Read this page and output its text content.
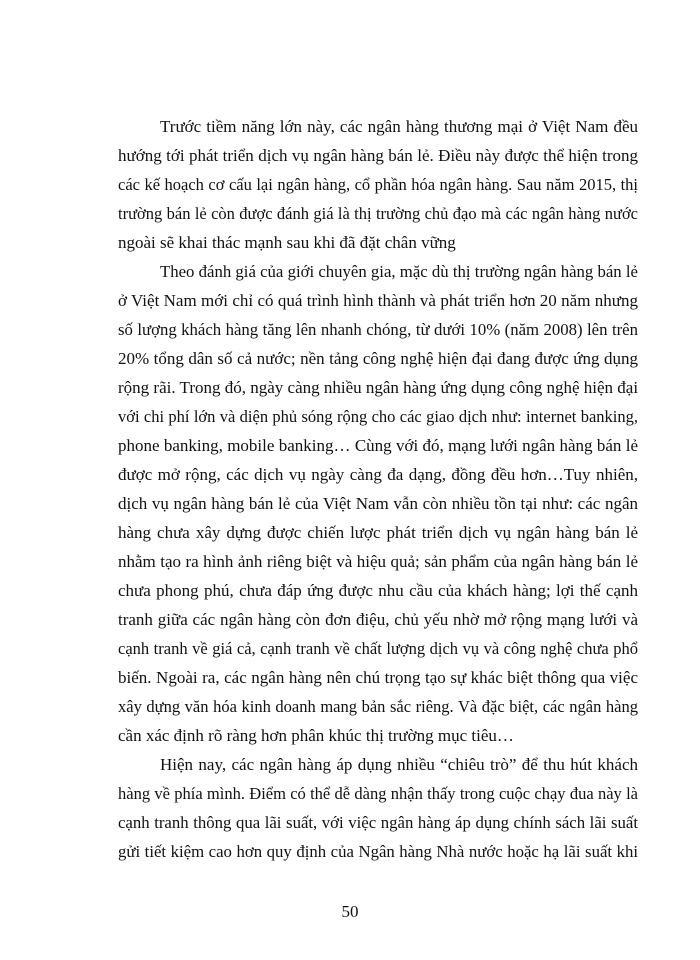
Trước tiềm năng lớn này, các ngân hàng thương mại ở Việt Nam đều
hướng tới phát triển dịch vụ ngân hàng bán lẻ. Điều này được thể hiện trong
các kế hoạch cơ cấu lại ngân hàng, cổ phần hóa ngân hàng. Sau năm 2015, thị
trường bán lẻ còn được đánh giá là thị trường chủ đạo mà các ngân hàng nước
ngoài sẽ khai thác mạnh sau khi đã đặt chân vững
Theo đánh giá của giới chuyên gia, mặc dù thị trường ngân hàng bán lẻ
ở Việt Nam mới chỉ có quá trình hình thành và phát triển hơn 20 năm nhưng
số lượng khách hàng tăng lên nhanh chóng, từ dưới 10% (năm 2008) lên trên
20% tổng dân số cả nước; nền tảng công nghệ hiện đại đang được ứng dụng
rộng rãi. Trong đó, ngày càng nhiều ngân hàng ứng dụng công nghệ hiện đại
với chi phí lớn và diện phủ sóng rộng cho các giao dịch như: internet banking,
phone banking, mobile banking… Cùng với đó, mạng lưới ngân hàng bán lẻ
được mở rộng, các dịch vụ ngày càng đa dạng, đồng đều hơn…Tuy nhiên,
dịch vụ ngân hàng bán lẻ của Việt Nam vẫn còn nhiều tồn tại như: các ngân
hàng chưa xây dựng được chiến lược phát triển dịch vụ ngân hàng bán lẻ
nhằm tạo ra hình ảnh riêng biệt và hiệu quả; sản phẩm của ngân hàng bán lẻ
chưa phong phú, chưa đáp ứng được nhu cầu của khách hàng; lợi thế cạnh
tranh giữa các ngân hàng còn đơn điệu, chủ yếu nhờ mở rộng mạng lưới và
cạnh tranh về giá cả, cạnh tranh về chất lượng dịch vụ và công nghệ chưa phổ
biến. Ngoài ra, các ngân hàng nên chú trọng tạo sự khác biệt thông qua việc
xây dựng văn hóa kinh doanh mang bản sắc riêng. Và đặc biệt, các ngân hàng
cần xác định rõ ràng hơn phân khúc thị trường mục tiêu…
Hiện nay, các ngân hàng áp dụng nhiều “chiêu trò” để thu hút khách
hàng về phía mình. Điểm có thể dễ dàng nhận thấy trong cuộc chạy đua này là
cạnh tranh thông qua lãi suất, với việc ngân hàng áp dụng chính sách lãi suất
gửi tiết kiệm cao hơn quy định của Ngân hàng Nhà nước hoặc hạ lãi suất khi
50
